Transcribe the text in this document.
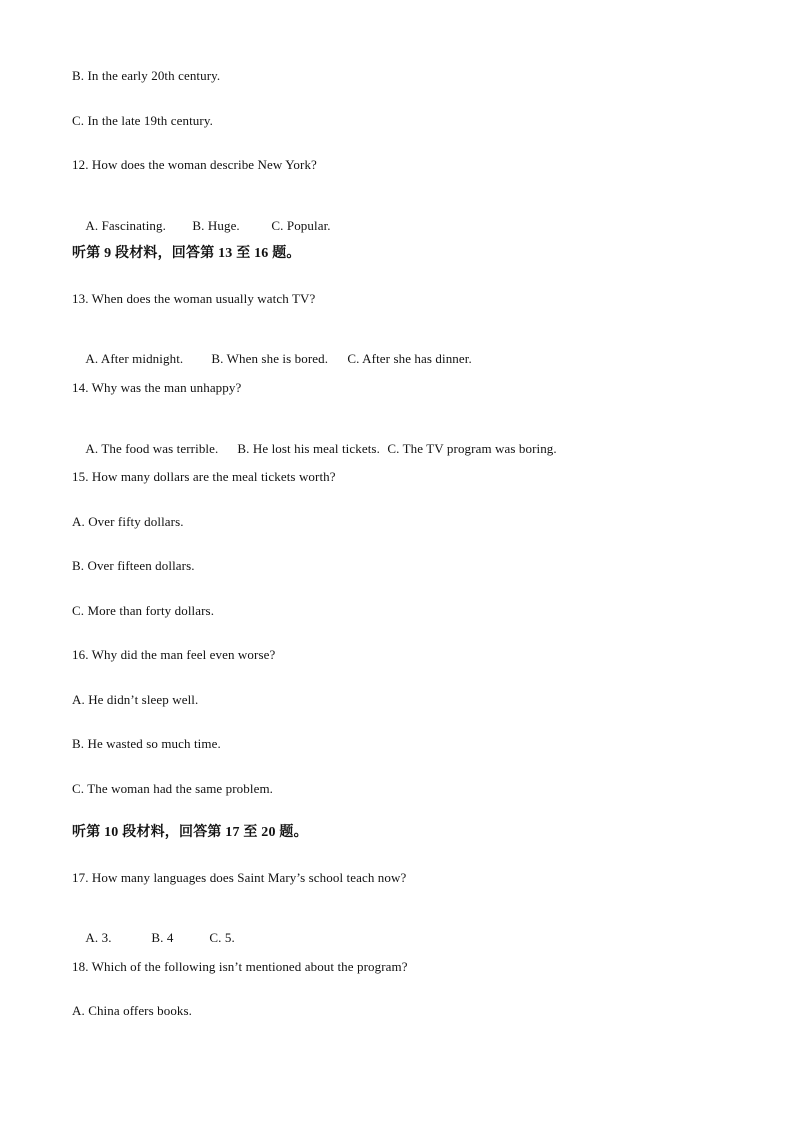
B. In the early 20th century.
C. In the late 19th century.
12. How does the woman describe New York?

A. Fascinating. B. Huge. C. Popular.

听第 9 段材料，回答第 13 至 16 题。
13. When does the woman usually watch TV?

A. After midnight. B. When she is bored. C. After she has dinner.

14. Why was the man unhappy?

A. The food was terrible. B. He lost his meal tickets. C. The TV program was boring.

15. How many dollars are the meal tickets worth?
A. Over fifty dollars.
B. Over fifteen dollars.
C. More than forty dollars.
16. Why did the man feel even worse?
A. He didn’t sleep well.
B. He wasted so much time.
C. The woman had the same problem.
听第 10 段材料，回答第 17 至 20 题。
17. How many languages does Saint Mary’s school teach now?

A. 3.	B. 4	C. 5.

18. Which of the following isn’t mentioned about the program?
A. China offers books.
